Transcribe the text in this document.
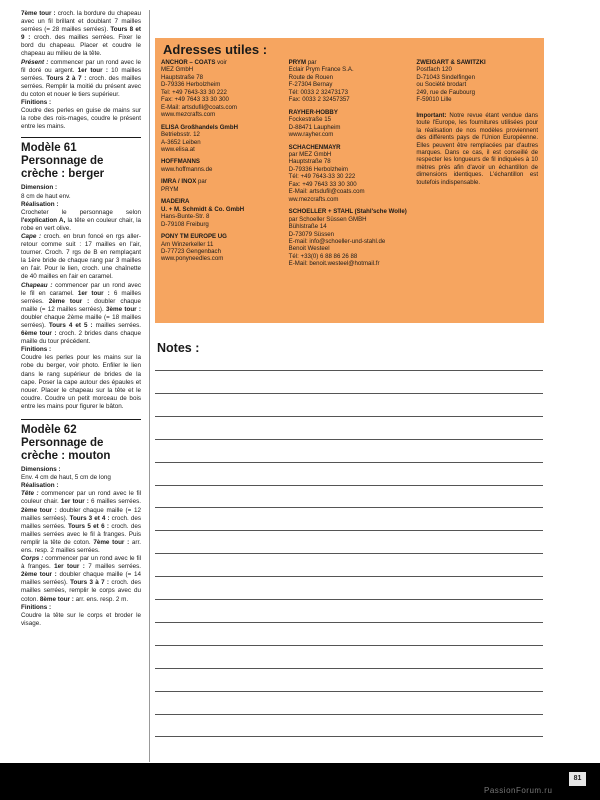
7ème tour : croch. la bordure du chapeau avec un fil brillant et doublant 7 mailles serrées (= 28 mailles serrées). Tours 8 et 9 : croch. des mailles serrées. Fixer le bord du chapeau. Placer et coudre le chapeau au milieu de la tête.
Présent : commencer par un rond avec le fil doré ou argent. 1er tour : 10 mailles serrées. Tours 2 à 7 : croch. des mailles serrées. Remplir la moitié du présent avec du coton et nouer le tiers supérieur.
Finitions :
Coudre des perles en guise de mains sur la robe des rois-mages, coudre le présent entre les mains.
Modèle 61
Personnage de crèche : berger
Dimension :
8 cm de haut env.
Réalisation :
Crocheter le personnage selon l'explication A, la tête en couleur chair, la robe en vert olive.
Cape : croch. en brun foncé en rgs aller-retour comme suit : 17 mailles en l'air, tourner. Croch. 7 rgs de B en remplaçant la 1ère bride de chaque rang par 3 mailles en l'air. Pour le lien, croch. une chaînette de 40 mailles en l'air en caramel.
Chapeau : commencer par un rond avec le fil en caramel. 1er tour : 6 mailles serrées. 2ème tour : doubler chaque maille (= 12 mailles serrées). 3ème tour : doubler chaque 2ème maille (= 18 mailles serrées). Tours 4 et 5 : mailles serrées. 6ème tour : croch. 2 brides dans chaque maille du tour précédent.
Finitions :
Coudre les perles pour les mains sur la robe du berger, voir photo. Enfiler le lien dans le rang supérieur de brides de la cape. Poser la cape autour des épaules et nouer. Placer le chapeau sur la tête et le coudre. Coudre un petit morceau de bois entre les mains pour figurer le bâton.
Modèle 62
Personnage de crèche : mouton
Dimensions :
Env. 4 cm de haut, 5 cm de long
Réalisation :
Tête : commencer par un rond avec le fil couleur chair. 1er tour : 6 mailles serrées. 2ème tour : doubler chaque maille (= 12 mailles serrées). Tours 3 et 4 : croch. des mailles serrées. Tours 5 et 6 : croch. des mailles serrées avec le fil à franges. Puis remplir la tête de coton. 7ème tour : arr. ens. resp. 2 mailles serrées.
Corps : commencer par un rond avec le fil à franges. 1er tour : 7 mailles serrées. 2ème tour : doubler chaque maille (= 14 mailles serrées). Tours 3 à 7 : croch. des mailles serrées, remplir le corps avec du coton. 8ème tour : arr. ens. resp. 2 m.
Finitions :
Coudre la tête sur le corps et broder le visage.
Adresses utiles :
ANCHOR – COATS voir
MEZ GmbH
Hauptstraße 78
D-79336 Herbolzheim
Tel: +49 7643-33 30 222
Fax: +49 7643 33 30 300
E-Mail: artsdufil@coats.com
www.mezcrafts.com
ELISA Großhandels GmbH
Betriebsstr. 12
A-3652 Leiben
www.elisa.at
HOFFMANNS
www.hoffmanns.de
IMRA / INOX par
PRYM
MADEIRA
U. + M. Schmidt & Co. GmbH
Hans-Bunte-Str. 8
D-79108 Freiburg
PONY TM EUROPE UG
Am Winzerkeller 11
D-77723 Gengenbach
www.ponyneedles.com
PRYM par
Eclair Prym France S.A.
Route de Rouen
F-27304 Bernay
Tél: 0033 2 32473173
Fax: 0033 2 32457357
RAYHER-HOBBY
Fockestraße 15
D-88471 Laupheim
www.rayher.com
SCHACHENMAYR
par MEZ GmbH
Hauptstraße 78
D-79336 Herbolzheim
Tél: +49 7643-33 30 222
Fax: +49 7643 33 30 300
E-Mail: artsdufil@coats.com
ww.mezcrafts.com
SCHOELLER + STAHL (Stahl'sche Wolle)
par Schoeller Süssen GMBH
Bühlstraße 14
D-73079 Süssen
E-mail: info@schoeller-und-stahl.de
Benoit Westeel
Tél: +33(0) 6 88 86 26 88
E-Mail: benoit.westeel@hotmail.fr
ZWEIGART & SAWITZKI
Postfach 120
D-71043 Sindelfingen
ou Société brodart
249, rue de Faubourg
F-59010 Lille
Important: Notre revue étant vendue dans toute l'Europe, les fournitures utilisées pour la réalisation de nos modèles proviennent des différents pays de l'Union Européenne. Elles peuvent être remplacées par d'autres marques. Dans ce cas, il est conseillé de respecter les longueurs de fil indiquées à 10 mètres près afin d'avoir un échantillon de dimensions identiques. L'échantillon est toutefois indispensable.
Notes :
81
PassionForum.ru
